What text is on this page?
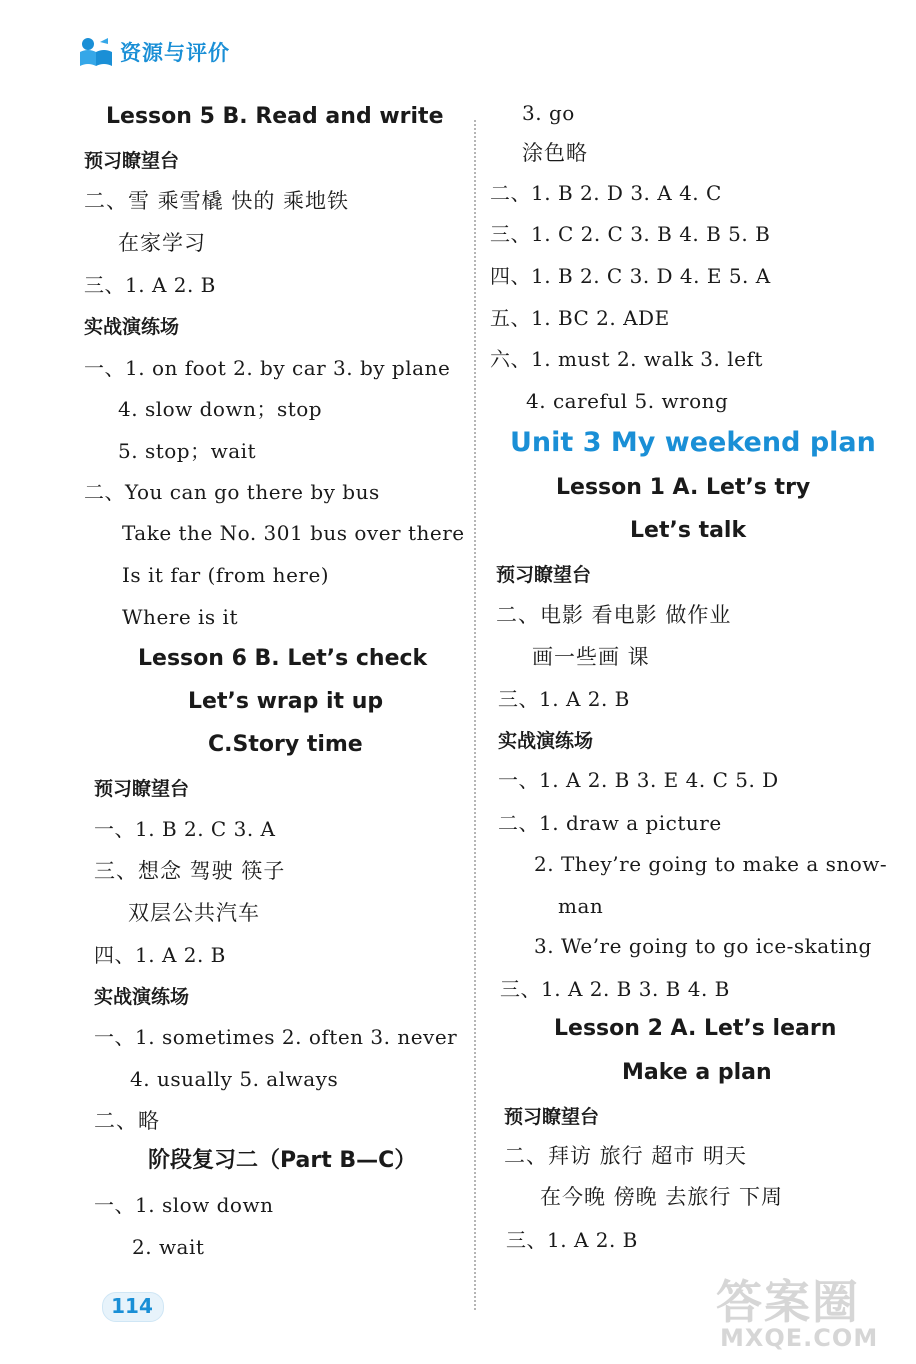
资源与评价
Lesson 5 B. Read and write
预习瞭望台
二、雪 乘雪橇 快的 乘地铁
在家学习
三、1. A 2. B
实战演练场
一、1. on foot 2. by car 3. by plane
4. slow down；stop
5. stop；wait
二、You can go there by bus
Take the No. 301 bus over there
Is it far (from here)
Where is it
Lesson 6 B. Let’s check
Let’s wrap it up
C.Story time
预习瞭望台
一、1. B 2. C 3. A
三、想念 驾驶 筷子
双层公共汽车
四、1. A 2. B
实战演练场
一、1. sometimes 2. often 3. never
4. usually 5. always
二、略
阶段复习二（Part B—C）
一、1. slow down
2. wait
3. go
涂色略
二、1. B 2. D 3. A 4. C
三、1. C 2. C 3. B 4. B 5. B
四、1. B 2. C 3. D 4. E 5. A
五、1. BC 2. ADE
六、1. must 2. walk 3. left
4. careful 5. wrong
Unit 3 My weekend plan
Lesson 1 A. Let’s try
Let’s talk
预习瞭望台
二、电影 看电影 做作业
画一些画 课
三、1. A 2. B
实战演练场
一、1. A 2. B 3. E 4. C 5. D
二、1. draw a picture
2. They’re going to make a snow-
man
3. We’re going to go ice-skating
三、1. A 2. B 3. B 4. B
Lesson 2 A. Let’s learn
Make a plan
预习瞭望台
二、拜访 旅行 超市 明天
在今晚 傍晚 去旅行 下周
三、1. A 2. B
114	答案圈
MXQE.COM
